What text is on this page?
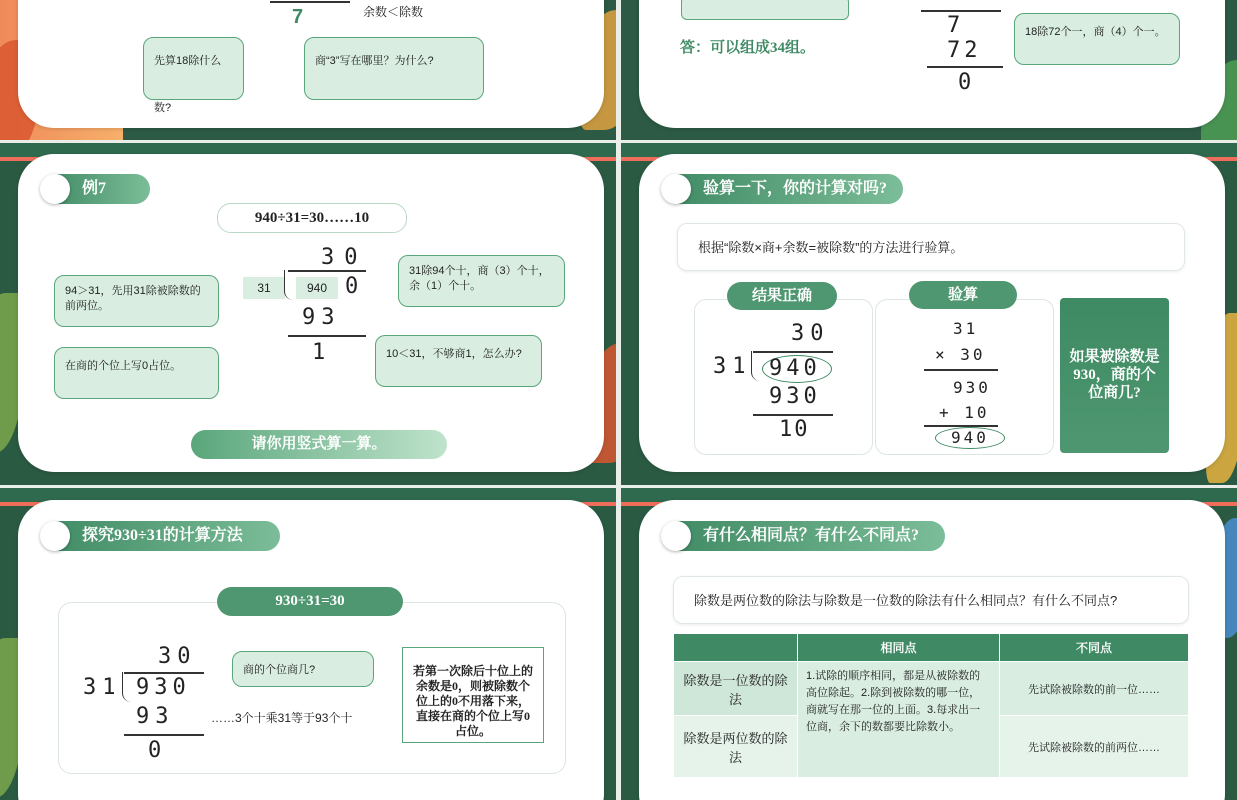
7	余数＜除数
先算18除什么数?
商“3”写在哪里？为什么?
答：可以组成34组。
7
72
0
18除72个一，商（4）个一。
例7
940÷31=30……10
30
31	940 0
93
1
94＞31，先用31除被除数的前两位。
在商的个位上写0占位。
31除94个十，商（3）个十，余（1）个十。
10＜31，不够商1，怎么办?
请你用竖式算一算。
验算一下，你的计算对吗?
根据“除数×商+余数=被除数”的方法进行验算。
结果正确
30
31 940
930
10
验算
31
× 30
930
+ 10
940
如果被除数是930，商的个位商几?
探究930÷31的计算方法
930÷31=30
30
31 930
93
0
商的个位商几?
……3个十乘31等于93个十
若第一次除后十位上的余数是0，则被除数个位上的0不用落下来，直接在商的个位上写0占位。
有什么相同点？有什么不同点?
除数是两位数的除法与除数是一位数的除法有什么相同点？有什么不同点?
	相同点	不同点
除数是一位数的除法	1.试除的顺序相同，都是从被除数的高位除起。2.除到被除数的哪一位，商就写在那一位的上面。3.每求出一位商，余下的数都要比除数小。	先试除被除数的前一位……
除数是两位数的除法		先试除被除数的前两位……
